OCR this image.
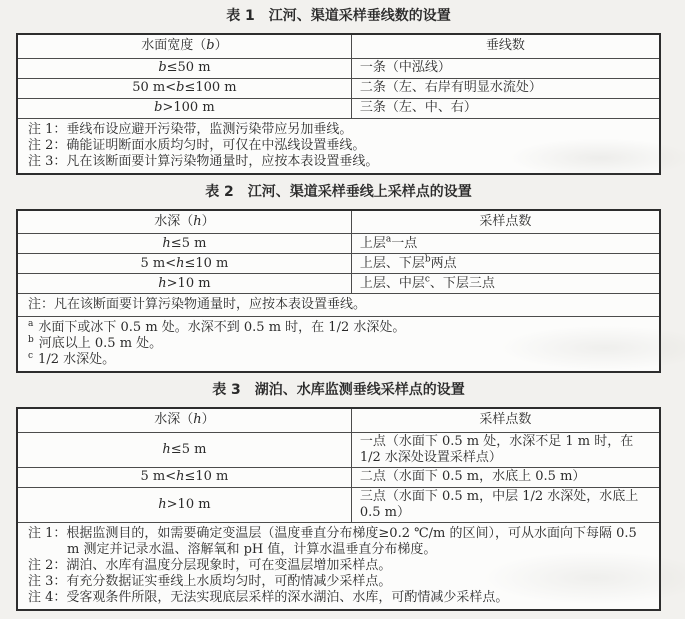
表 1　江河、渠道采样垂线数的设置
水面宽度（b）	垂线数
b≤50 m	一条（中泓线）
50 m<b≤100 m	二条（左、右岸有明显水流处）
b>100 m	三条（左、中、右）

注 1：垂线布设应避开污染带，监测污染带应另加垂线。
注 2：确能证明断面水质均匀时，可仅在中泓线设置垂线。
注 3：凡在该断面要计算污染物通量时，应按本表设置垂线。	
表 2　江河、渠道采样垂线上采样点的设置
水深（h）	采样点数
h≤5 m	上层$^a$一点
5 m<h≤10 m	上层、下层$^b$两点
h>10 m	上层、中层$^c$、下层三点

注：凡在该断面要计算污染物通量时，应按本表设置垂线。	

$^a$ 水面下或冰下 0.5 m 处。水深不到 0.5 m 时，在 1/2 水深处。
$^b$ 河底以上 0.5 m 处。
$^c$ 1/2 水深处。	
表 3　湖泊、水库监测垂线采样点的设置
水深（h）	采样点数
h≤5 m	一点（水面下 0.5 m 处，水深不足 1 m 时，在 1/2 水深处设置采样点）
5 m<h≤10 m	二点（水面下 0.5 m，水底上 0.5 m）
h>10 m	三点（水面下 0.5 m，中层 1/2 水深处，水底上 0.5 m）

注 1：根据监测目的，如需要确定变温层（温度垂直分布梯度≥0.2 ℃/m 的区间），可从水面向下每隔 0.5 m 测定并记录水温、溶解氧和 pH 值，计算水温垂直分布梯度。
注 2：湖泊、水库有温度分层现象时，可在变温层增加采样点。
注 3：有充分数据证实垂线上水质均匀时，可酌情减少采样点。
注 4：受客观条件所限，无法实现底层采样的深水湖泊、水库，可酌情减少采样点。	
